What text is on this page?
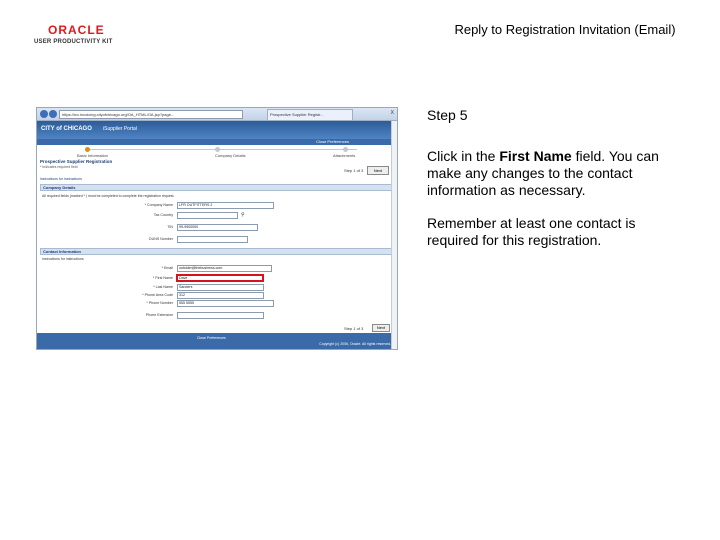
ORACLE
USER PRODUCTIVITY KIT
Reply to Registration Invitation (Email)
Step 5
Click in the First Name field. You can make any changes to the contact information as necessary.
Remember at least one contact is required for this registration.
https://icx.invoicing.cityofchicago.org/OA_HTML/OA.jsp?page...	Prospective Supplier Registr...	X
CITY of CHICAGO iSupplier Portal
Close Preferences
Basic Information	Company Details	Attachments
Prospective Supplier Registration
* Indicates required field
Step 1 of 3	Next
Instructions for Instructions
Company Details
All required fields (marked * ) must be completed to complete the registration request.
* Company Name	LFR OUTFITTERS 2
Tax Country	⚲
TIN	99-9900000
DUNS Number
Contact Information
Instructions for instructions
* Email	outsider@thebusiness.com
* First Name	Dave
* Last Name	Sanders
* Phone Area Code	312
* Phone Number	555 5555
Phone Extension
Step 1 of 3	Next
Close Preferences
Copyright (c) 2006, Oracle. All rights reserved.
